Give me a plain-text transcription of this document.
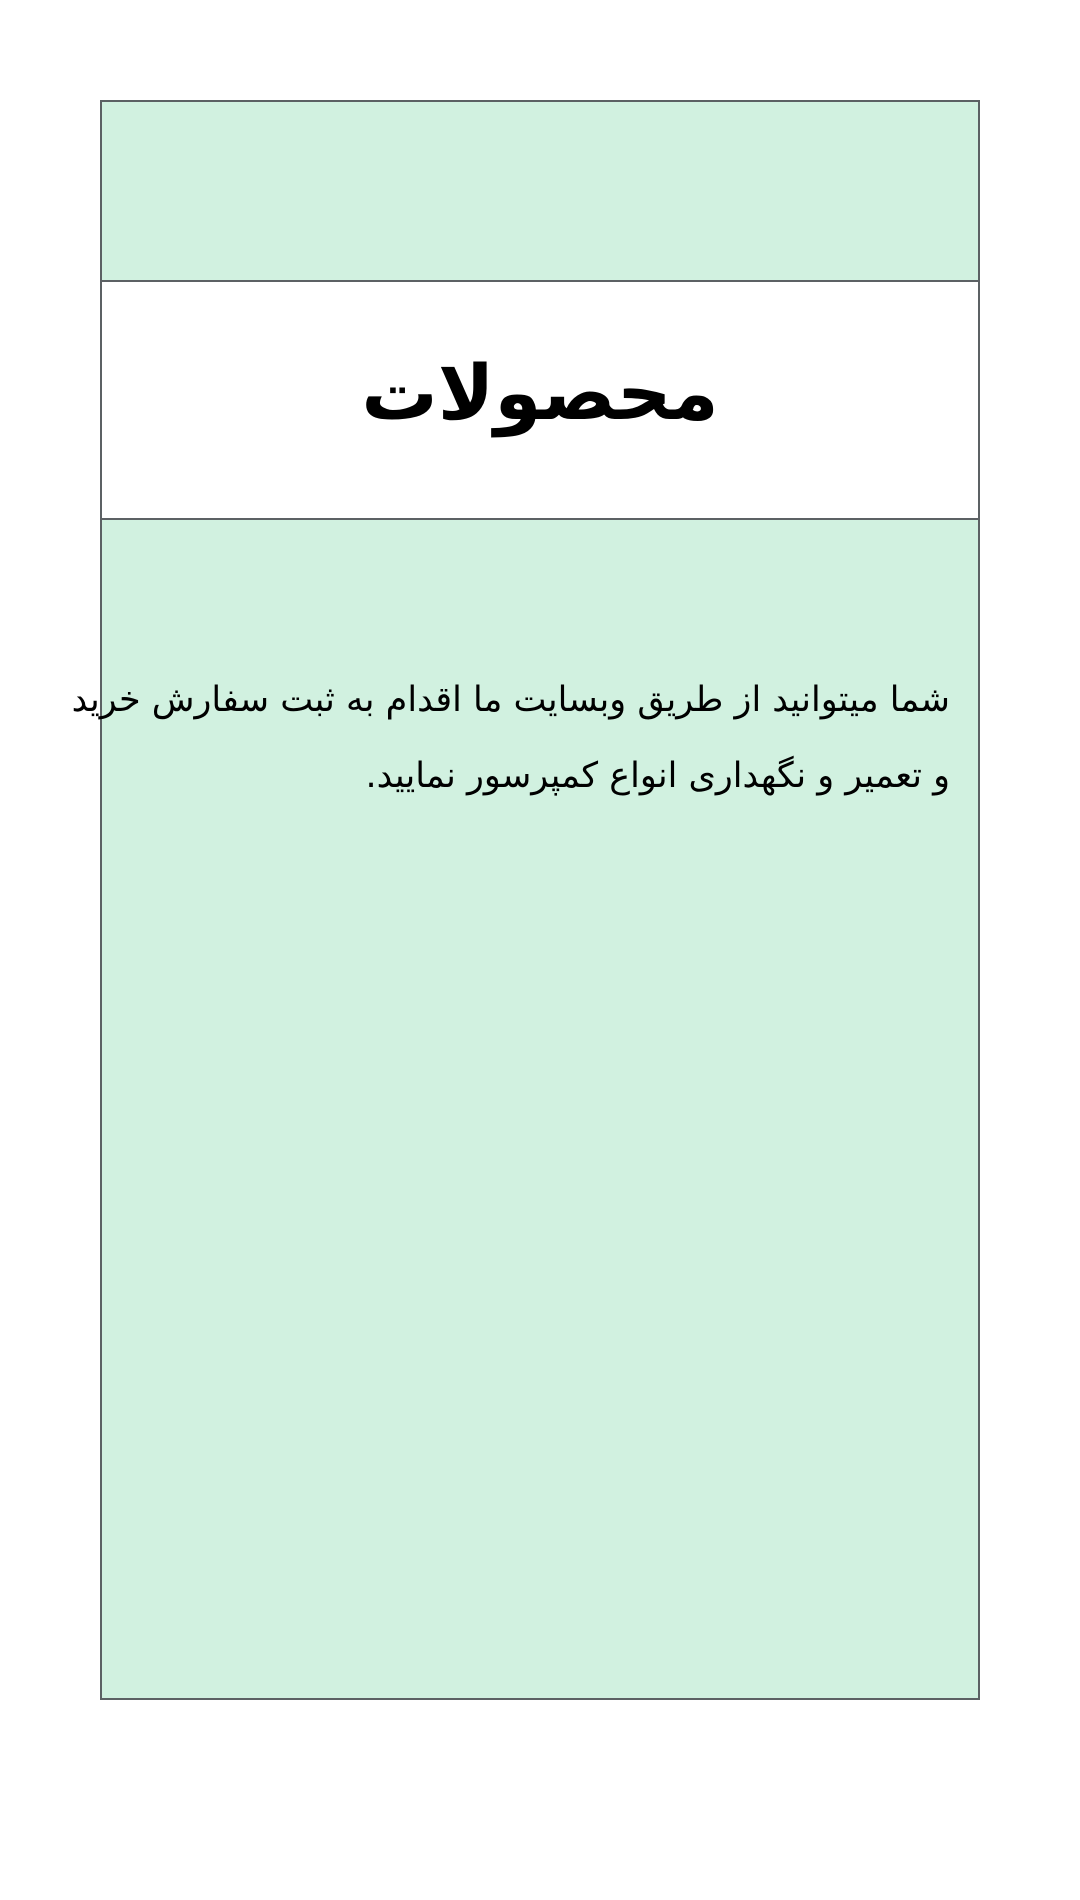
محصولات

شما میتوانید از طریق وبسایت ما اقدام به ثبت سفارش خرید
و تعمیر و نگهداری انواع کمپرسور نمایید.
